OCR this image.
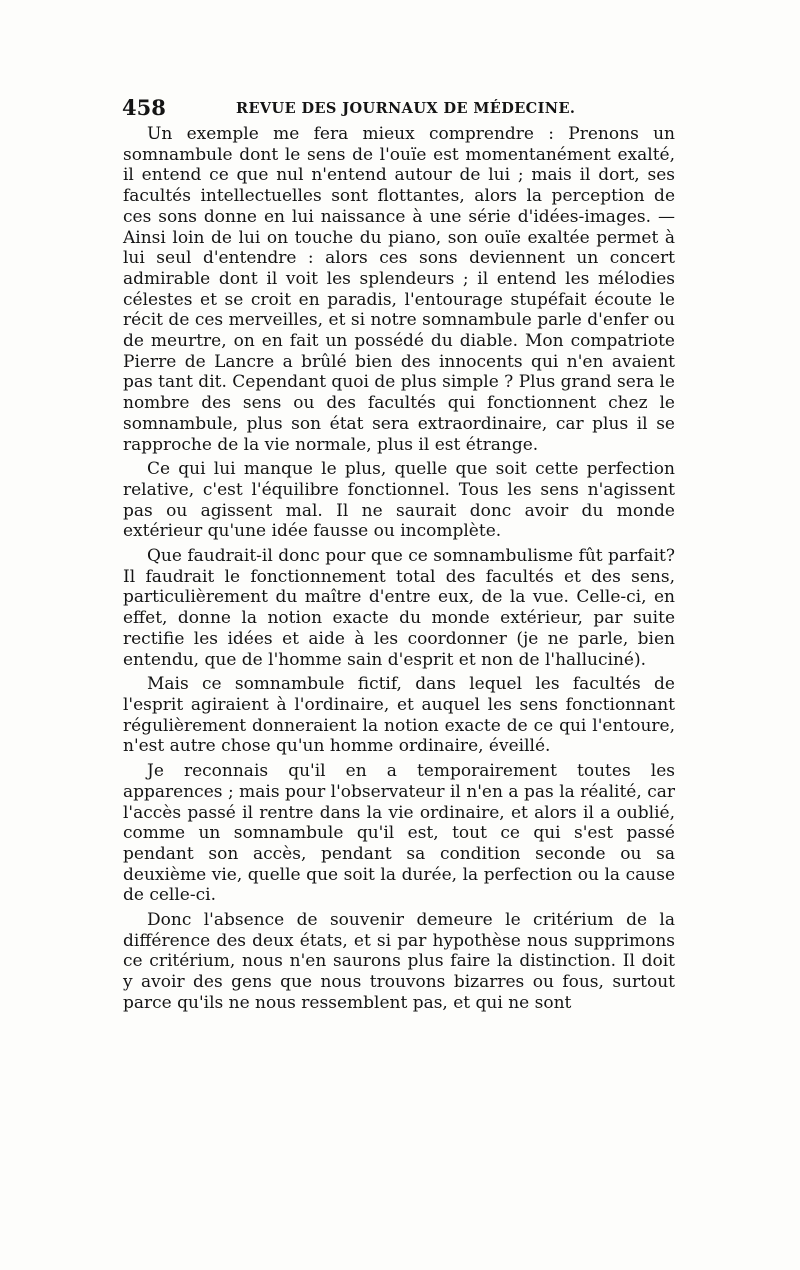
458	REVUE DES JOURNAUX DE MÉDECINE.

Un exemple me fera mieux comprendre : Prenons un somnambule dont le sens de l'ouïe est momentanément exalté, il entend ce que nul n'entend autour de lui ; mais il dort, ses facultés intellectuelles sont flottantes, alors la perception de ces sons donne en lui naissance à une série d'idées-images. — Ainsi loin de lui on touche du piano, son ouïe exaltée permet à lui seul d'entendre : alors ces sons deviennent un concert admirable dont il voit les splendeurs ; il entend les mélodies célestes et se croit en paradis, l'entourage stupéfait écoute le récit de ces merveilles, et si notre somnambule parle d'enfer ou de meurtre, on en fait un possédé du diable. Mon compatriote Pierre de Lancre a brûlé bien des innocents qui n'en avaient pas tant dit. Cependant quoi de plus simple ? Plus grand sera le nombre des sens ou des facultés qui fonctionnent chez le somnambule, plus son état sera extraordinaire, car plus il se rapproche de la vie normale, plus il est étrange.

Ce qui lui manque le plus, quelle que soit cette perfection relative, c'est l'équilibre fonctionnel. Tous les sens n'agissent pas ou agissent mal. Il ne saurait donc avoir du monde extérieur qu'une idée fausse ou incomplète.

Que faudrait-il donc pour que ce somnambulisme fût parfait? Il faudrait le fonctionnement total des facultés et des sens, particulièrement du maître d'entre eux, de la vue. Celle-ci, en effet, donne la notion exacte du monde extérieur, par suite rectifie les idées et aide à les coordonner (je ne parle, bien entendu, que de l'homme sain d'esprit et non de l'halluciné).

Mais ce somnambule fictif, dans lequel les facultés de l'esprit agiraient à l'ordinaire, et auquel les sens fonctionnant régulièrement donneraient la notion exacte de ce qui l'entoure, n'est autre chose qu'un homme ordinaire, éveillé.

Je reconnais qu'il en a temporairement toutes les apparences ; mais pour l'observateur il n'en a pas la réalité, car l'accès passé il rentre dans la vie ordinaire, et alors il a oublié, comme un somnambule qu'il est, tout ce qui s'est passé pendant son accès, pendant sa condition seconde ou sa deuxième vie, quelle que soit la durée, la perfection ou la cause de celle-ci.

Donc l'absence de souvenir demeure le critérium de la différence des deux états, et si par hypothèse nous supprimons ce critérium, nous n'en saurons plus faire la distinction. Il doit y avoir des gens que nous trouvons bizarres ou fous, surtout parce qu'ils ne nous ressemblent pas, et qui ne sont
